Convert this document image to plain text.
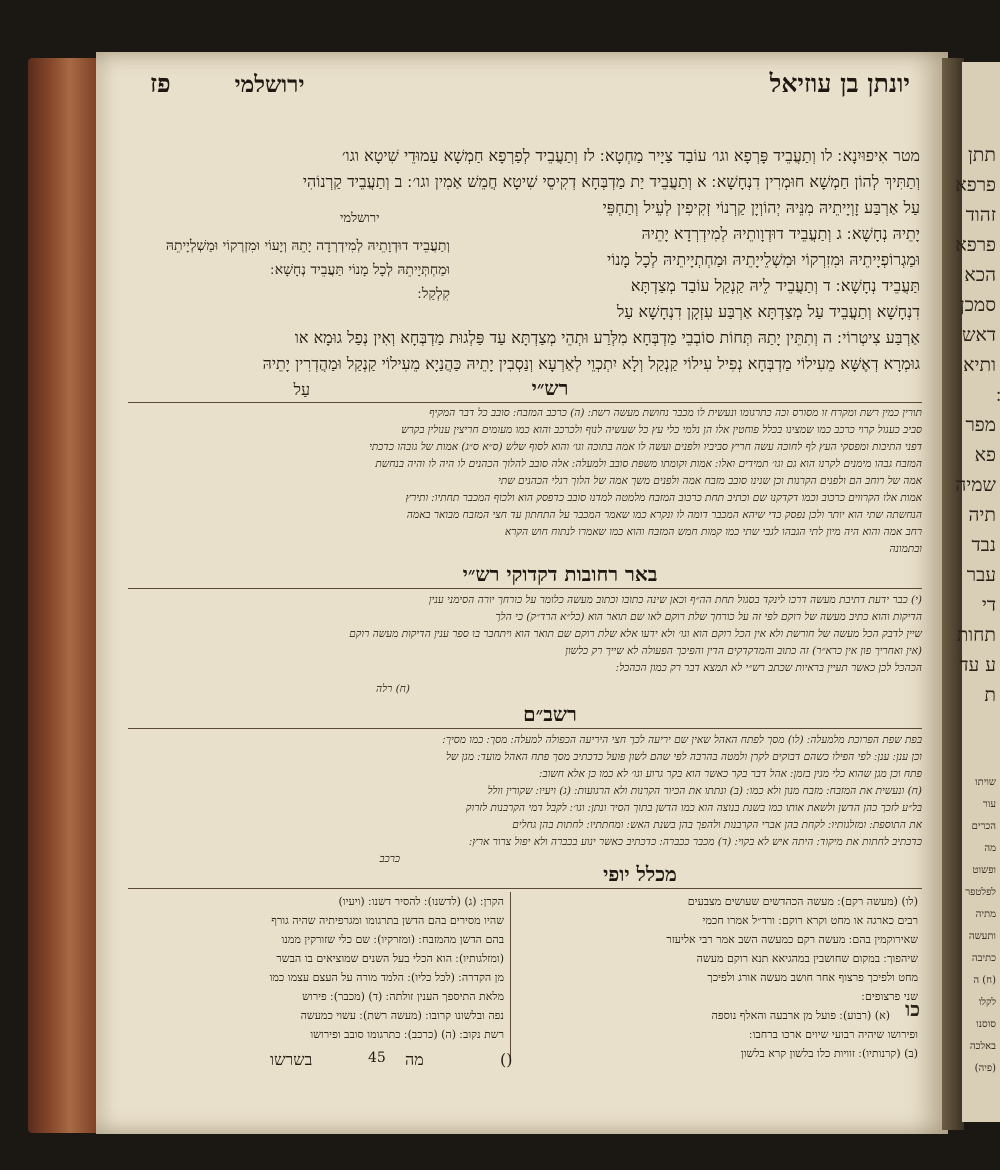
תתן
פרפא
זהוד
פרפא
הכא
סמכן
דאש
ותיא
מפר
פא
שמיה
תיה
נבד
עבר
די
תחות
ע עד
ת
שויתו
עור
הכרים
מה
ופשוט
לפלטפר
מתיה
ותעשה
כתיבה
(ח) ה
לקלו
סוסנו
באלכה
(פיה)
יונתן בן עוזיאל
ירושלמי
פז
מטר אִיפוּיִנָא ׃ לו וְתַעֲבֵיד פָּרְפָא וגו׳ עוֹבַד צַיָיר מַחְטָא ׃ לז וְתַעֲבֵיד לְפַרְפָא חַמְשָׁא עַמוּדֵי שִׁיטָא וגו׳
וְתַתִּיךְ לְהוֹן חַמְשָׁא חוּמְרִין דִנְחָשָׁא ׃ א וְתַעֲבֵיד יַת מַדְבְּחָא דְקִיסֵי שִׁיטָא חֲמֵשׁ אַמִין וגו׳ ׃ ב וְתַעֲבֵיד קַרְנוֹהִי
עַל אַרְבַּע זָוְיָיתֵיהּ מִנֵּיהּ יְהוֹוְיָן קַרְנוֹי זְקִיפִין לְעֵיל וְתַחְפֵּי
יָתֵיהּ נְחָשָׁא ׃ ג וְתַעֲבֵיד דוּדְוָותֵיהּ לְמִידְרְדָא יָתֵיהּ
וּמַגְרוֹפְיָיתֵיהּ וּמִזִרְקוֹי וּמִשְׁלֵייָתֵיהּ וּמַחְתְיָיתֵיהּ לְכָל מָנוֹי
תַּעֲבֵיד נְחָשָׁא ׃ ד וְתַעֲבֵיד לֵיהּ קַנְקַל עוֹבַד מְצַדְתָּא
דִנְחָשָׁא וְתַעֲבֵיד עַל מְצַדְתָּא אַרְבַּע עִזְקָן דִנְחָשָׁא עַל
אַרְבַּע צִיטְרוֹי ׃ ה וְתִתֵּין יָתַהּ תְּחוֹת סוֹבְבֵי מַדְבְּחָא מִלְּרַע וּתְהֵי מְצַדְתָּא עַד פַּלְגוּת מַדְבְּחָא וְאִין נְפַל גוּמָא או
גוּמְרָא דְאֶשָּׁא מֵעִילוֹי מַדְבְּחָא נְפִיל עִילוֹי קַנְקַל וְלָא יִתְכְוֵי לְאַרְעָא וְנַסְבִין יָתֵיהּ כַּהֲנַיָא מֵעִילוֹי קַנְקַל וּמַהֲדְרִין יָתֵיהּ
עַל
ירושלמי
וְתַעֲבֵיד דוּדְוָתֵיהּ לְמִידְרְדָה יָתֵהּ וְיָעוֹי וּמִזְרְקוֹי וּמַשְׁלְיָיתֵהּ
וּמַחְתְּיָיתֵהּ לְכָל מָנוֹי תַּעֲבֵיד נְחָשָׁא ׃
קִלְקַל ׃
רש״י
תורין כמין רשת ומקרח זו מסורס וכה כתרגומו ונעשית לו מכבר נחושת מעשה רשת ׃ (ה) כרכב המזבח ׃ סובב כל דבר המקיף
סביב כעגול קרוי כרכב כמו שמצינו בכלל פוחטין אלו הן נלמי כלי עץ כל שעשיה לנוף ולכרכב והוא כמו מעומים חריצין ענולין בקרש
דפני התיבות ומפסקי העץ לף לחוכה עשה חריץ סביביו ולפנים ועשה לו אמה בתוכה וגו׳ והוא לסוף שלש (ס״א ס״ג) אמות של גובהו כדכתי
המזבח גבהו מימנים לקרנו הוא גם וגו׳ תמידים ואלו ׃ אמות וקומתו משפת סובב ולמעלה ׃ אלה סובב להלוך הכהנים לו היה לו והיה בנחשת
אמה של רוחב הם ולפנים הקרנות וכן שנינו סובב מזבח אמה ולפנים משך אמה של הלוך רגלי הכהנים שתי
אמות אלו הקרווים כרכוב וכמו דקדקנו שם וכתיב תחת כרכוב המזבח מלמטה למדנו סובב כדפסק הוא ולכוף המכבר תחתיו ׃ ותירץ
הנחשתה שתי הוא יותר ולכן נפסק כדי שיהא המכבר דומה לו ונקרא כמו שאמר המכבר על התחתון עד חצי המזבח מבואר באמה
רחב אמה והוא היה מיון לתי הגבהו לגבי שתי כמו קמות חמש המזבח והוא כמו שאמרו לנתוח חוש הקרא
ובתמונה
באר רחובות דקדוקי רש״י
(י) כבר ידעת דתיבת מעשה דרכו לינקד בסגול תחת הה״ף וכאן שינה כתובו וכתוב מעשה כלומר על כורחך יורה הסימני ענין
הדיקות והוא כתיב מעשה של רוקם לפי זה על כורחך שלת רוקם לאו שם תואר הוא (כל״א הרד״ק) כי הלך
שיין לדבק הכל מעשה של חורשת ולא אין הכל רוקם הוא וגו׳ ולא ידעו אלא שלת רוקם שם תואר הוא ויתחבר בו ספר ענין הדיקות מעשה רוקם
(אין ואחריך פון אין כרא״ר) זה כתוב והמדקדקים הדין והפיכך הפעולה לא שייך רק כלשון
הכהכל לכן כאשר תעיין בראיות שכתב רש״י לא תמצא דבר רק כמון הכהכל ׃
(ח) רלה
רשב״ם
בפת שפת הפרוכת מלמעלה ׃ (לו) מסך לפתח האהל שאין שם יריעה לכך חצי היריעה הכפולה למעלה ׃ מסך ׃ כמו מסיך ׃
וכן ענן ׃ ענן ׃ לפי הפילו כשהם דבוקים לקרן ולמטה בהרבה לפי שהם לשון פועל כדכתיב מסך פתח האהל מועד ׃ מגן של
פתח וכן מגן שהוא כלי מגין בזמן ׃ אהל דבר בקר כאשר הוא בקר גרוע וגו׳ לא כמו כן אלא חשוב ׃
(ח) ונעשית את המזבח ׃ מזבח מנון ולא כמו ׃ (ב) ונתתו את הכיור הקרנות ולא הרגועות ׃ (ג) ויעיו ׃ שקורין וולל
בל״ע לזכך כהן הדשן ולשאת אותו כמו בשנת בנוצה הוא כמו הדשן בתוך הסיר ונתן ׃ וגו׳ ׃ לקבל דמי הקרבנות לזרוק
את התוספת ׃ ומזלגותיו ׃ לקחת בהן אברי הקרבנות ולהפך בהן בשנת האש ׃ ומחתתיו ׃ לחתות בהן גחלים
כדכתיב לחתות את מיקוד ׃ היתה איש לא בקוי ׃ (ד) מכבר ככברה ׃ כדכתיב כאשר ינוע בכברה ולא יפול צרור ארץ ׃
כרכב
מכלל יופי
(לו) (מעשה רקם) ׃ מעשה הכהדשים שעושים מצבעים
רבים כארגה או מחט וקרא רוקם ׃ ורד״ל אמרו חכמי
שאירוקמין בהם ׃ מעשה רקם כמעשה השב אמר רבי אליעזר
שיהפוך ׃ במקום שחושבין במהגיאא תנא רוקם מעשה
מחט ולפיכך פרצוף אחר חושב מעשה אורג ולפיכך
שני פרצופים ׃
(א) (רבוע) ׃ פועל מן ארבעה והאלף נוספה
ופירושו שיהיה רבועי שיוים ארכו ברחבו ׃
(ב) (קרנותיו) ׃ זוויות כלו בלשון קרא בלשון
כו
הקרן ׃ (ג) (לדשנו) ׃ להסיר דשנו ׃ (ויעיו)
שהיו מסירים בהם הדשן בתרגומו ומגרפיתיה שהיה גורף
בהם הדשן מהמזבח ׃ (ומזרקיו) ׃ שם כלי שזורקין ממנו
(ומזלגותיו) ׃ הוא הכלי בעל השנים שמוציאים בו הבשר
מן הקדרה ׃ (לכל כליו) ׃ הלמד מורה על העצם עצמו כמו
מלאת התיספך הענין זולתה ׃ (ד) (מכבר) ׃ פירוש
נפה ובלשונו קרובו ׃ (מעשה רשת) ׃ עשוי כמעשה
רשת נקוב ׃ (ה) (כרכב) ׃ כתרגומו סובב ופירושו
בשרשו	()
מה
45
